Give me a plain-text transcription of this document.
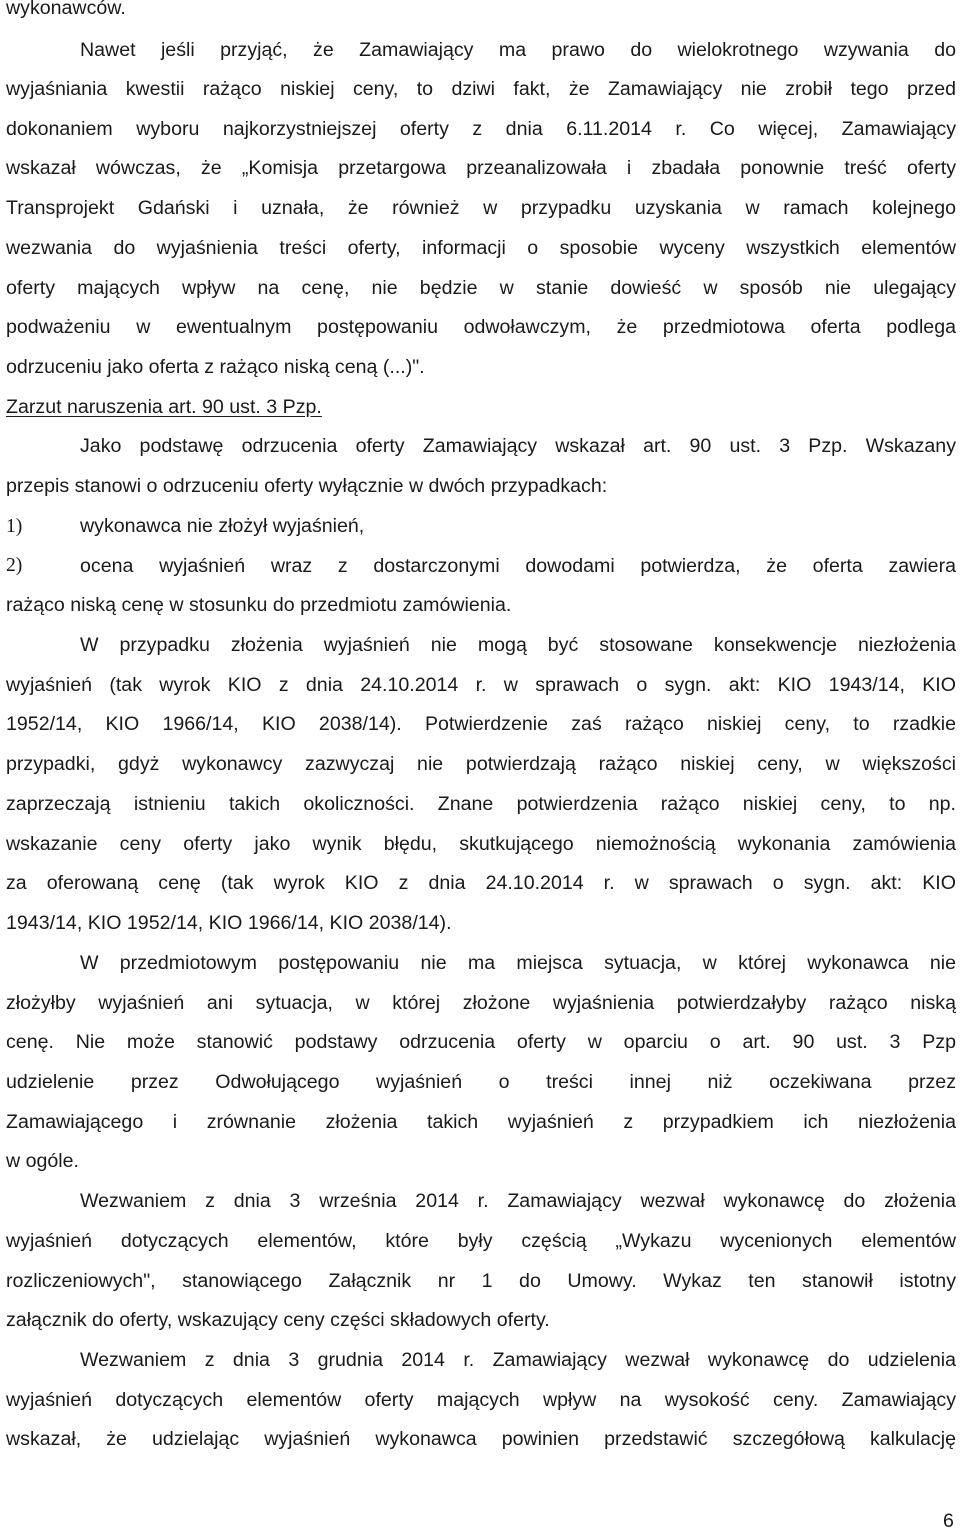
wykonawców.
Nawet jeśli przyjąć, że Zamawiający ma prawo do wielokrotnego wzywania do
wyjaśniania kwestii rażąco niskiej ceny, to dziwi fakt, że Zamawiający nie zrobił tego przed
dokonaniem wyboru najkorzystniejszej oferty z dnia 6.11.2014 r. Co więcej, Zamawiający
wskazał wówczas, że „Komisja przetargowa przeanalizowała i zbadała ponownie treść oferty
Transprojekt Gdański i uznała, że również w przypadku uzyskania w ramach kolejnego
wezwania do wyjaśnienia treści oferty, informacji o sposobie wyceny wszystkich elementów
oferty mających wpływ na cenę, nie będzie w stanie dowieść w sposób nie ulegający
podważeniu w ewentualnym postępowaniu odwoławczym, że przedmiotowa oferta podlega
odrzuceniu jako oferta z rażąco niską ceną (...)".
Zarzut naruszenia art. 90 ust. 3 Pzp.
Jako podstawę odrzucenia oferty Zamawiający wskazał art. 90 ust. 3 Pzp. Wskazany
przepis stanowi o odrzuceniu oferty wyłącznie w dwóch przypadkach:
1)	wykonawca nie złożył wyjaśnień,
2)	ocena wyjaśnień wraz z dostarczonymi dowodami potwierdza, że oferta zawiera
rażąco niską cenę w stosunku do przedmiotu zamówienia.
W przypadku złożenia wyjaśnień nie mogą być stosowane konsekwencje niezłożenia
wyjaśnień (tak wyrok KIO z dnia 24.10.2014 r. w sprawach o sygn. akt: KIO 1943/14, KIO
1952/14, KIO 1966/14, KIO 2038/14). Potwierdzenie zaś rażąco niskiej ceny, to rzadkie
przypadki, gdyż wykonawcy zazwyczaj nie potwierdzają rażąco niskiej ceny, w większości
zaprzeczają istnieniu takich okoliczności. Znane potwierdzenia rażąco niskiej ceny, to np.
wskazanie ceny oferty jako wynik błędu, skutkującego niemożnością wykonania zamówienia
za oferowaną cenę (tak wyrok KIO z dnia 24.10.2014 r. w sprawach o sygn. akt: KIO
1943/14, KIO 1952/14, KIO 1966/14, KIO 2038/14).
W przedmiotowym postępowaniu nie ma miejsca sytuacja, w której wykonawca nie
złożyłby wyjaśnień ani sytuacja, w której złożone wyjaśnienia potwierdzałyby rażąco niską
cenę. Nie może stanowić podstawy odrzucenia oferty w oparciu o art. 90 ust. 3 Pzp
udzielenie przez Odwołującego wyjaśnień o treści innej niż oczekiwana przez
Zamawiającego i zrównanie złożenia takich wyjaśnień z przypadkiem ich niezłożenia
w ogóle.
Wezwaniem z dnia 3 września 2014 r. Zamawiający wezwał wykonawcę do złożenia
wyjaśnień dotyczących elementów, które były częścią „Wykazu wycenionych elementów
rozliczeniowych", stanowiącego Załącznik nr 1 do Umowy. Wykaz ten stanowił istotny
załącznik do oferty, wskazujący ceny części składowych oferty.
Wezwaniem z dnia 3 grudnia 2014 r. Zamawiający wezwał wykonawcę do udzielenia
wyjaśnień dotyczących elementów oferty mających wpływ na wysokość ceny. Zamawiający
wskazał, że udzielając wyjaśnień wykonawca powinien przedstawić szczegółową kalkulację
6
